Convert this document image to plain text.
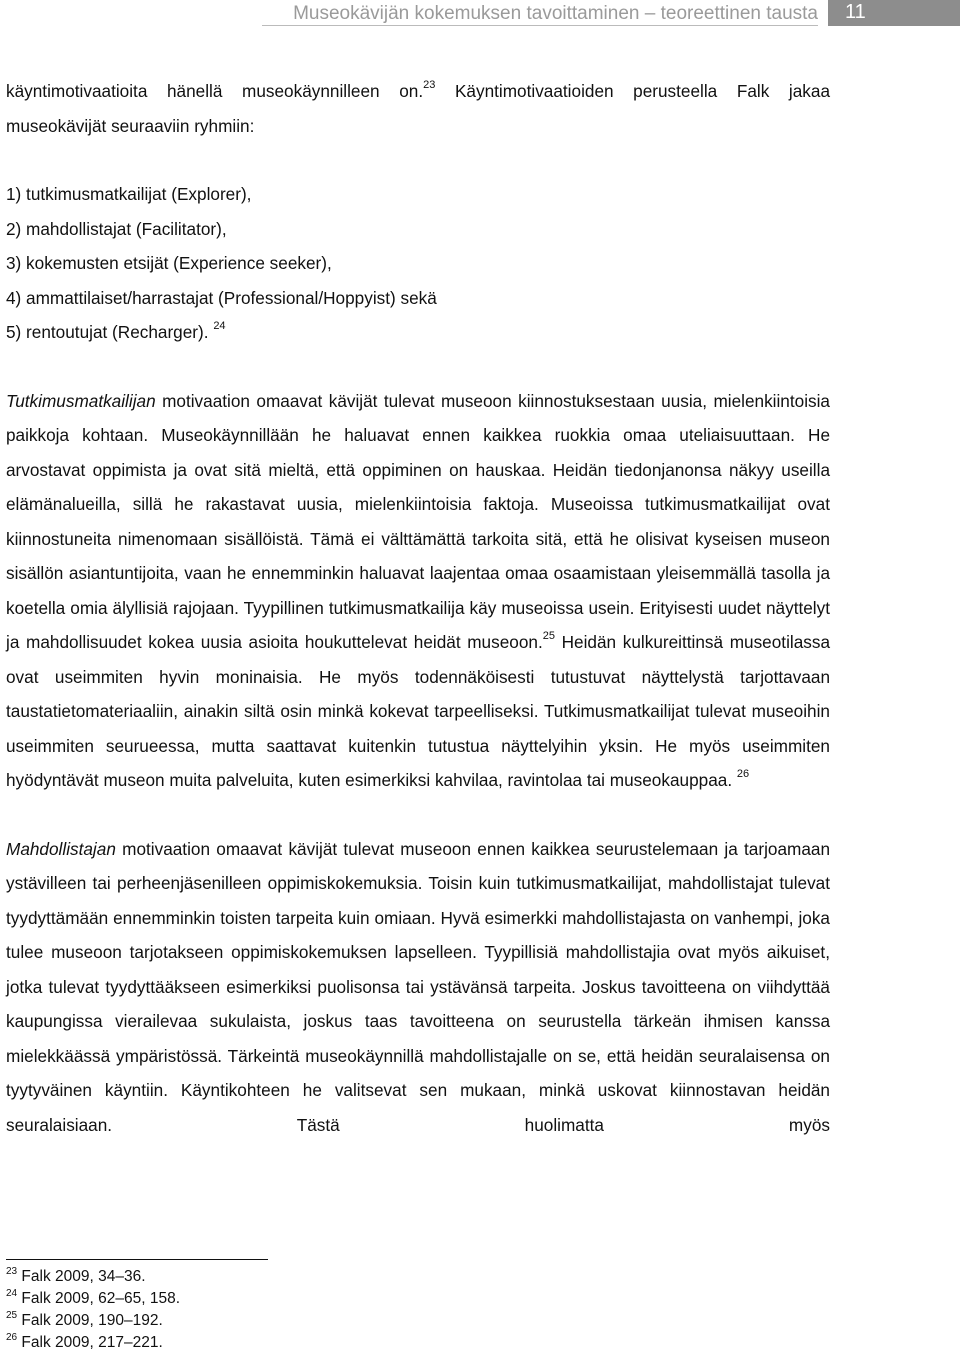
Museokävijän kokemuksen tavoittaminen – teoreettinen tausta 11

käyntimotivaatioita hänellä museokäynnilleen on.$^{23}$ Käyntimotivaatioiden perusteella Falk jakaa museokävijät seuraaviin ryhmiin:

1) tutkimusmatkailijat (Explorer),
2) mahdollistajat (Facilitator),
3) kokemusten etsijät (Experience seeker),
4) ammattilaiset/harrastajat (Professional/Hoppyist) sekä
5) rentoutujat (Recharger). $^{24}$

Tutkimusmatkailijan motivaation omaavat kävijät tulevat museoon kiinnostuksestaan uusia, mielenkiintoisia paikkoja kohtaan. Museokäynnillään he haluavat ennen kaikkea ruokkia omaa uteliaisuuttaan. He arvostavat oppimista ja ovat sitä mieltä, että oppiminen on hauskaa. Heidän tiedonjanonsa näkyy useilla elämänalueilla, sillä he rakastavat uusia, mielenkiintoisia faktoja. Museoissa tutkimusmatkailijat ovat kiinnostuneita nimenomaan sisällöistä. Tämä ei välttämättä tarkoita sitä, että he olisivat kyseisen museon sisällön asiantuntijoita, vaan he ennemminkin haluavat laajentaa omaa osaamistaan yleisemmällä tasolla ja koetella omia älyllisiä rajojaan. Tyypillinen tutkimusmatkailija käy museoissa usein. Erityisesti uudet näyttelyt ja mahdollisuudet kokea uusia asioita houkuttelevat heidät museoon.$^{25}$ Heidän kulkureittinsä museotilassa ovat useimmiten hyvin moninaisia. He myös todennäköisesti tutustuvat näyttelystä tarjottavaan taustatietomateriaaliin, ainakin siltä osin minkä kokevat tarpeelliseksi. Tutkimusmatkailijat tulevat museoihin useimmiten seurueessa, mutta saattavat kuitenkin tutustua näyttelyihin yksin. He myös useimmiten hyödyntävät museon muita palveluita, kuten esimerkiksi kahvilaa, ravintolaa tai museokauppaa. $^{26}$

Mahdollistajan motivaation omaavat kävijät tulevat museoon ennen kaikkea seurustelemaan ja tarjoamaan ystävilleen tai perheenjäsenilleen oppimiskokemuksia. Toisin kuin tutkimusmatkailijat, mahdollistajat tulevat tyydyttämään ennemminkin toisten tarpeita kuin omiaan. Hyvä esimerkki mahdollistajasta on vanhempi, joka tulee museoon tarjotakseen oppimiskokemuksen lapselleen. Tyypillisiä mahdollistajia ovat myös aikuiset, jotka tulevat tyydyttääkseen esimerkiksi puolisonsa tai ystävänsä tarpeita. Joskus tavoitteena on viihdyttää kaupungissa vierailevaa sukulaista, joskus taas tavoitteena on seurustella tärkeän ihmisen kanssa mielekkäässä ympäristössä. Tärkeintä museokäynnillä mahdollistajalle on se, että heidän seuralaisensa on tyytyväinen käyntiin. Käyntikohteen he valitsevat sen mukaan, minkä uskovat kiinnostavan heidän seuralaisiaan. Tästä huolimatta myös

$^{23}$ Falk 2009, 34–36.
$^{24}$ Falk 2009, 62–65, 158.
$^{25}$ Falk 2009, 190–192.
$^{26}$ Falk 2009, 217–221.
